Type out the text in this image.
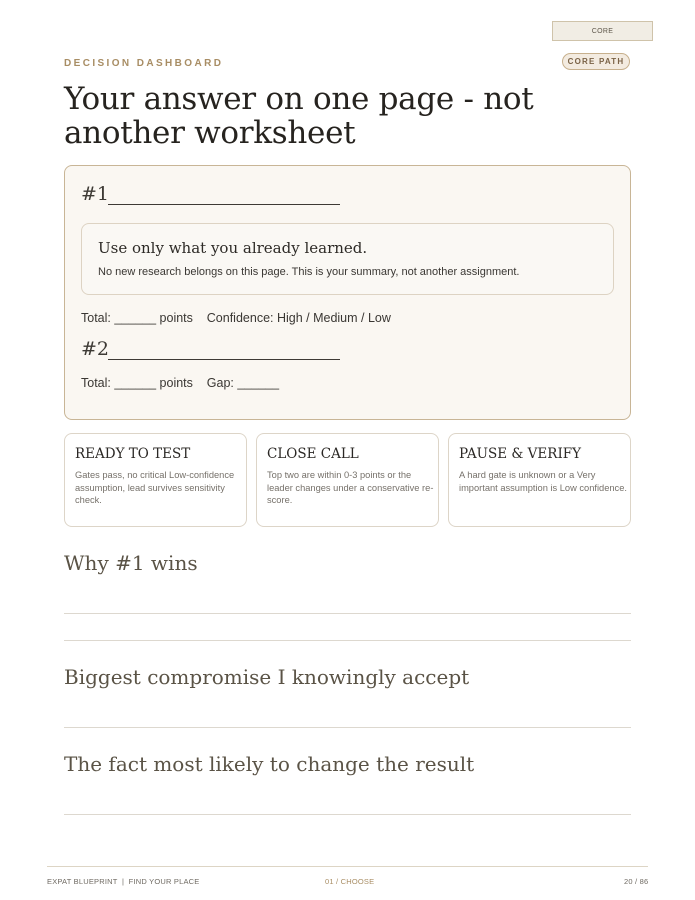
CORE
DECISION DASHBOARD	CORE PATH
Your answer on one page - not another worksheet
#1
Use only what you already learned.
No new research belongs on this page. This is your summary, not another assignment.
Total: ______ points    Confidence: High / Medium / Low
#2
Total: ______ points    Gap: ______
READY TO TEST
Gates pass, no critical Low-confidence assumption, lead survives sensitivity check.
CLOSE CALL
Top two are within 0-3 points or the leader changes under a conservative re-score.
PAUSE & VERIFY
A hard gate is unknown or a Very important assumption is Low confidence.
Why #1 wins
Biggest compromise I knowingly accept
The fact most likely to change the result
EXPAT BLUEPRINT  |  FIND YOUR PLACE	01 / CHOOSE	20 / 86
